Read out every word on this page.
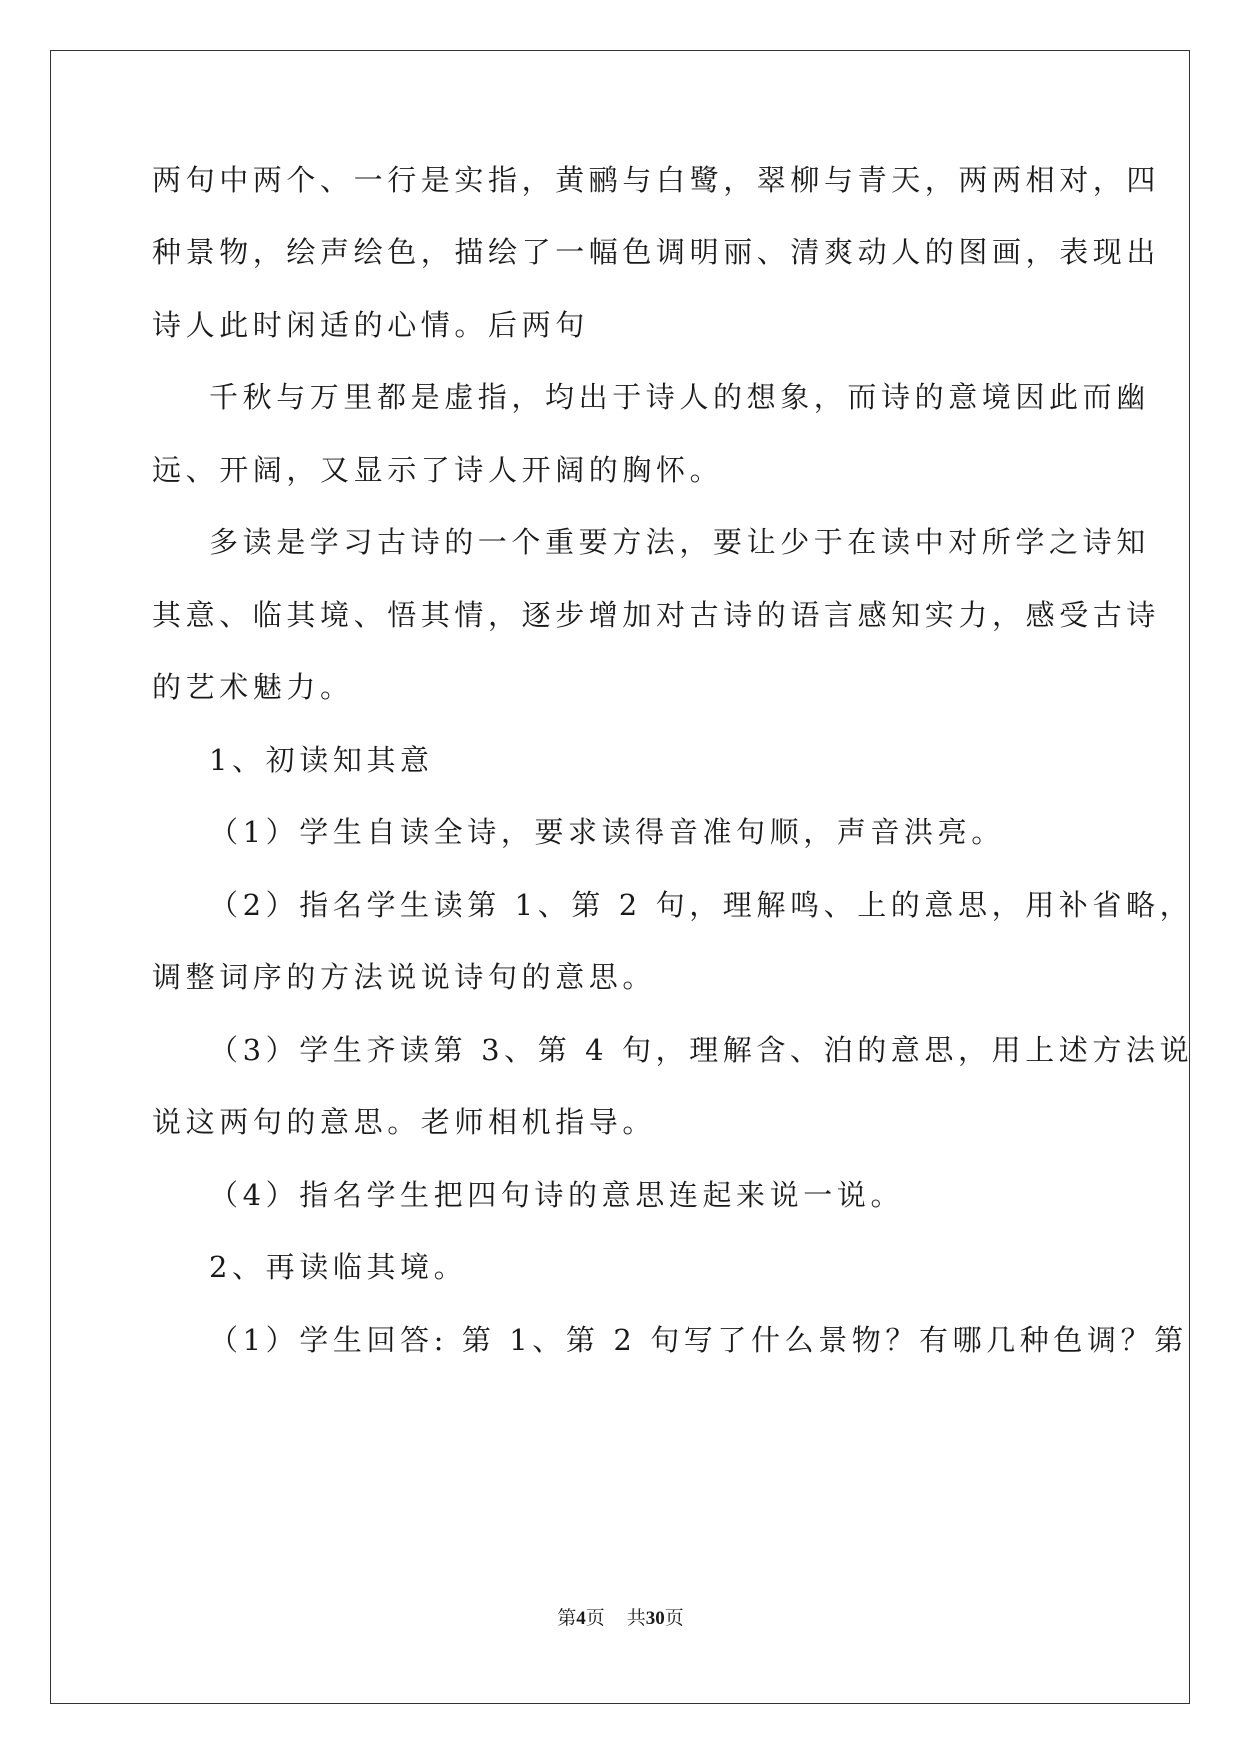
两句中两个、一行是实指，黄鹂与白鹭，翠柳与青天，两两相对，四
种景物，绘声绘色，描绘了一幅色调明丽、清爽动人的图画，表现出
诗人此时闲适的心情。后两句
千秋与万里都是虚指，均出于诗人的想象，而诗的意境因此而幽
远、开阔，又显示了诗人开阔的胸怀。
多读是学习古诗的一个重要方法，要让少于在读中对所学之诗知
其意、临其境、悟其情，逐步增加对古诗的语言感知实力，感受古诗
的艺术魅力。
1、初读知其意
（1）学生自读全诗，要求读得音准句顺，声音洪亮。
（2）指名学生读第 1、第 2 句，理解鸣、上的意思，用补省略，
调整词序的方法说说诗句的意思。
（3）学生齐读第 3、第 4 句，理解含、泊的意思，用上述方法说
说这两句的意思。老师相机指导。
（4）指名学生把四句诗的意思连起来说一说。
2、再读临其境。
（1）学生回答: 第 1、第 2 句写了什么景物？有哪几种色调？第
第4页 共30页
